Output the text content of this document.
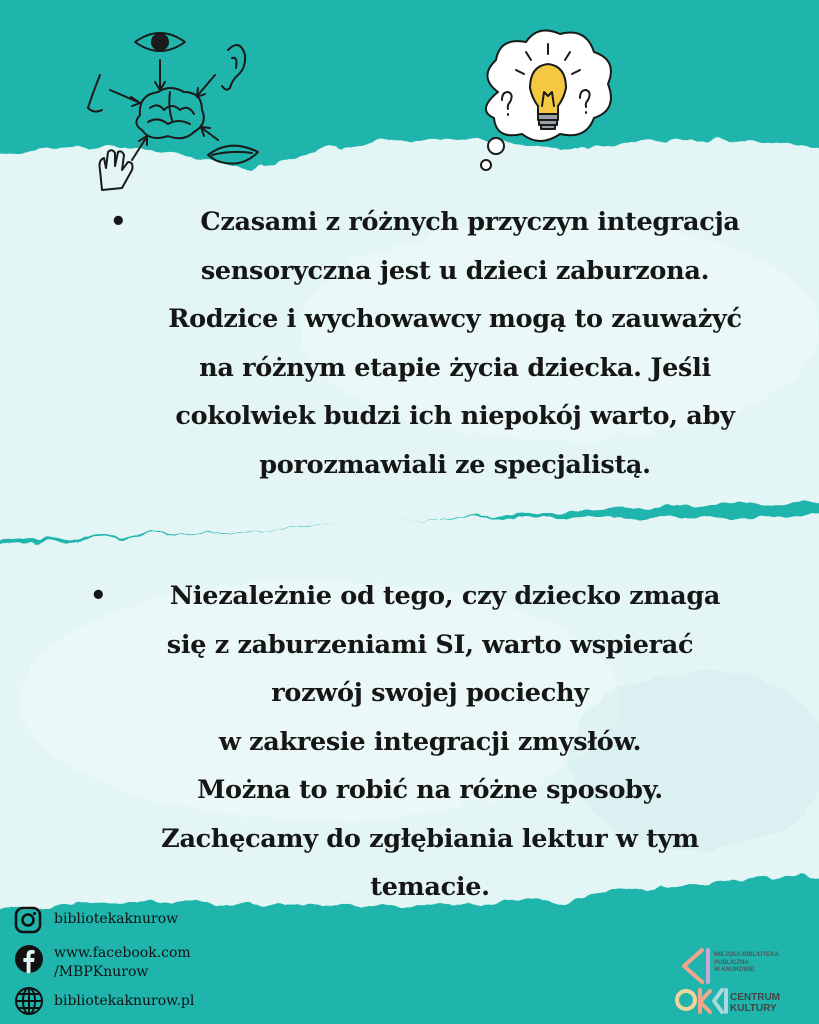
•	Czasami z różnych przyczyn integracja
sensoryczna jest u dzieci zaburzona.
Rodzice i wychowawcy mogą to zauważyć
na różnym etapie życia dziecka. Jeśli
cokolwiek budzi ich niepokój warto, aby
porozmawiali ze specjalistą.
•	Niezależnie od tego, czy dziecko zmaga
się z zaburzeniami SI, warto wspierać
rozwój swojej pociechy
w zakresie integracji zmysłów.
Można to robić na różne sposoby.
Zachęcamy do zgłębiania lektur w tym
temacie.
bibliotekaknurow
www.facebook.com
/MBPKnurow
bibliotekaknurow.pl
MIEJSKA BIBLIOTEKA
PUBLICZNA
W KNUROWIE
CENTRUM
KULTURY
